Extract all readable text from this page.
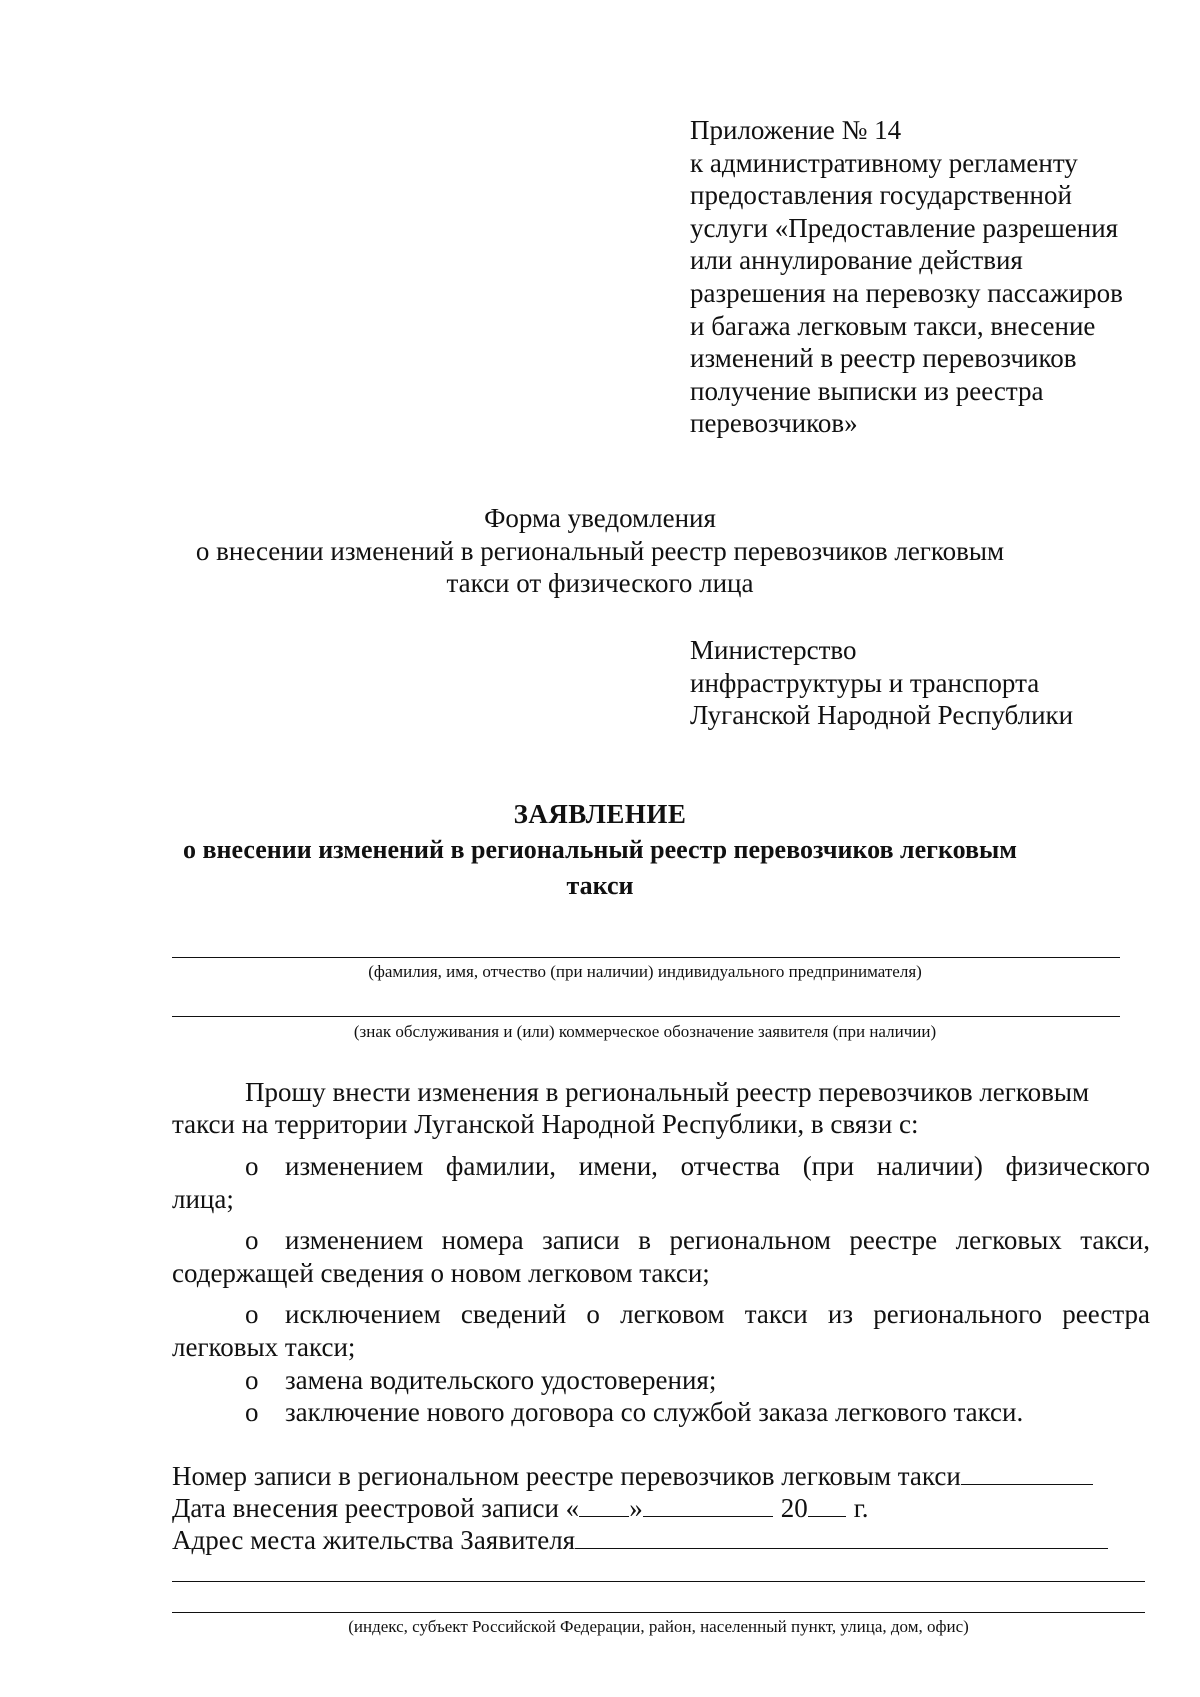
Приложение № 14
к административному регламенту
предоставления государственной
услуги «Предоставление разрешения
или аннулирование действия
разрешения на перевозку пассажиров
и багажа легковым такси, внесение
изменений в реестр перевозчиков
получение выписки из реестра
перевозчиков»
Форма уведомления
о внесении изменений в региональный реестр перевозчиков легковым
такси от физического лица
Министерство
инфраструктуры и транспорта
Луганской Народной Республики
ЗАЯВЛЕНИЕ
о внесении изменений в региональный реестр перевозчиков легковым
такси
(фамилия, имя, отчество (при наличии) индивидуального предпринимателя)
(знак обслуживания и (или) коммерческое обозначение заявителя (при наличии)
Прошу внести изменения в региональный реестр перевозчиков легковым
такси на территории Луганской Народной Республики, в связи с:
o изменением фамилии, имени, отчества (при наличии) физического
лица;
o изменением номера записи в региональном реестре легковых такси,
содержащей сведения о новом легковом такси;
o исключением сведений о легковом такси из регионального реестра
легковых такси;
o замена водительского удостоверения;
o заключение нового договора со службой заказа легкового такси.
Номер записи в региональном реестре перевозчиков легковым такси
Дата внесения реестровой записи « »	20 г.
Адрес места жительства Заявителя
(индекс, субъект Российской Федерации, район, населенный пункт, улица, дом, офис)
